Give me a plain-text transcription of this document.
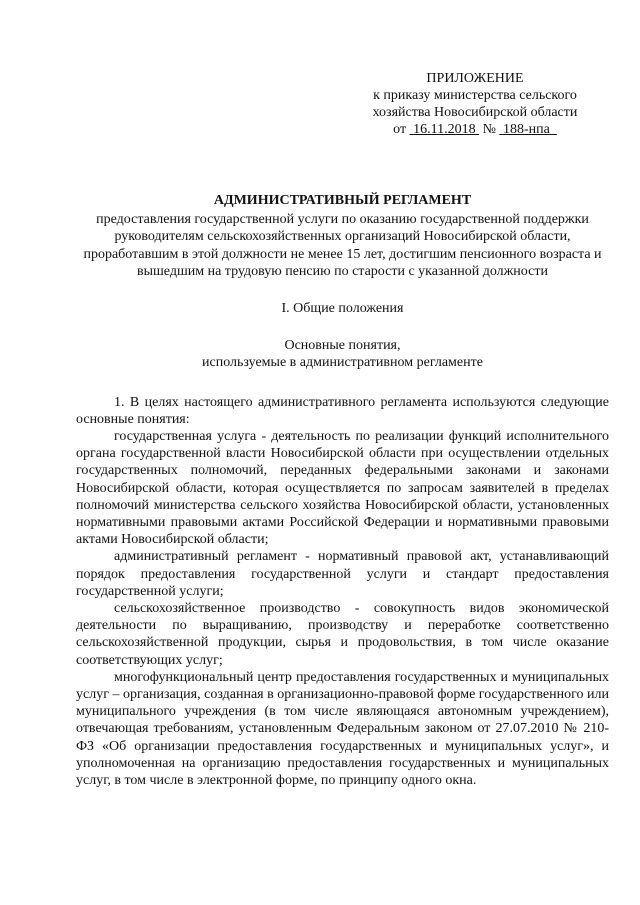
ПРИЛОЖЕНИЕ
к приказу министерства сельского
хозяйства Новосибирской области
от 16.11.2018 № 188-нпа

АДМИНИСТРАТИВНЫЙ РЕГЛАМЕНТ

предоставления государственной услуги по оказанию государственной поддержки руководителям сельскохозяйственных организаций Новосибирской области, проработавшим в этой должности не менее 15 лет, достигшим пенсионного возраста и вышедшим на трудовую пенсию по старости с указанной должности

I. Общие положения

Основные понятия,
используемые в административном регламенте

1. В целях настоящего административного регламента используются следующие основные понятия:

государственная услуга - деятельность по реализации функций исполнительного органа государственной власти Новосибирской области при осуществлении отдельных государственных полномочий, переданных федеральными законами и законами Новосибирской области, которая осуществляется по запросам заявителей в пределах полномочий министерства сельского хозяйства Новосибирской области, установленных нормативными правовыми актами Российской Федерации и нормативными правовыми актами Новосибирской области;

административный регламент - нормативный правовой акт, устанавливающий порядок предоставления государственной услуги и стандарт предоставления государственной услуги;

сельскохозяйственное производство - совокупность видов экономической деятельности по выращиванию, производству и переработке соответственно сельскохозяйственной продукции, сырья и продовольствия, в том числе оказание соответствующих услуг;

многофункциональный центр предоставления государственных и муниципальных услуг – организация, созданная в организационно-правовой форме государственного или муниципального учреждения (в том числе являющаяся автономным учреждением), отвечающая требованиям, установленным Федеральным законом от 27.07.2010 № 210-ФЗ «Об организации предоставления государственных и муниципальных услуг», и уполномоченная на организацию предоставления государственных и муниципальных услуг, в том числе в электронной форме, по принципу одного окна.
